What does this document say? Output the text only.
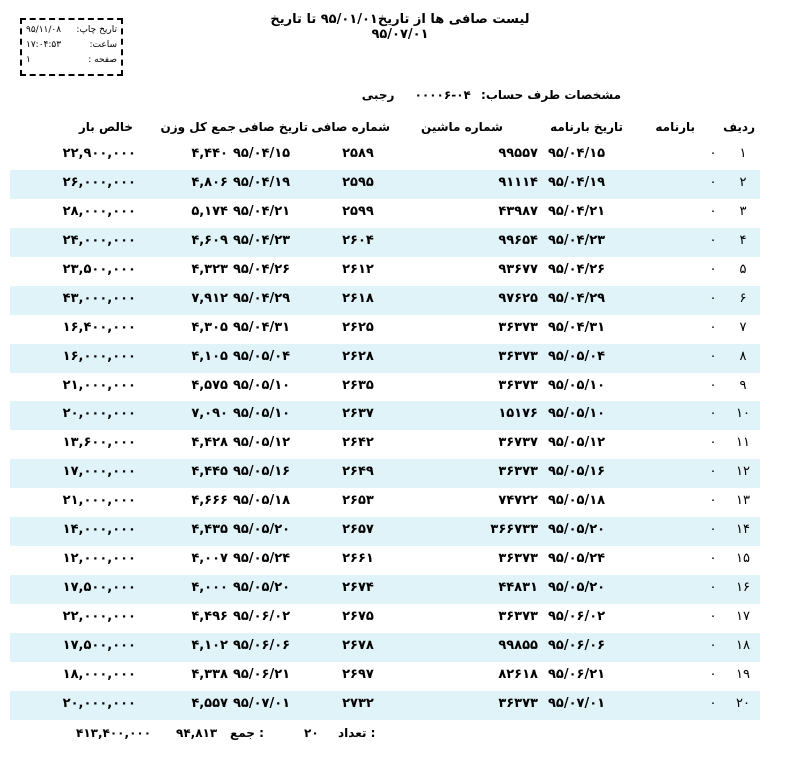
لیست صافی ها از تاریخ۹۵/۰۱/۰۱ تا تاریخ ۹۵/۰۷/۰۱
تاریخ چاپ:
۹۵/۱۱/۰۸
ساعت:
۱۷:۰۴:۵۳
صفحه :
۱
مشخصات طرف حساب: ۰۴-۰۰۰۰۶ رجبی
ردیف
بارنامه
تاریخ بارنامه
شماره ماشین
شماره صافی
تاریخ صافی
جمع کل وزن
خالص بار
۱
۰
۹۵/۰۴/۱۵
۹۹۵۵۷
۲۵۸۹
۹۵/۰۴/۱۵
۴,۴۴۰
۲۲,۹۰۰,۰۰۰
۲
۰
۹۵/۰۴/۱۹
۹۱۱۱۴
۲۵۹۵
۹۵/۰۴/۱۹
۴,۸۰۶
۲۶,۰۰۰,۰۰۰
۳
۰
۹۵/۰۴/۲۱
۴۳۹۸۷
۲۵۹۹
۹۵/۰۴/۲۱
۵,۱۷۴
۲۸,۰۰۰,۰۰۰
۴
۰
۹۵/۰۴/۲۳
۹۹۶۵۴
۲۶۰۴
۹۵/۰۴/۲۳
۴,۶۰۹
۲۴,۰۰۰,۰۰۰
۵
۰
۹۵/۰۴/۲۶
۹۳۶۷۷
۲۶۱۲
۹۵/۰۴/۲۶
۴,۳۲۳
۲۳,۵۰۰,۰۰۰
۶
۰
۹۵/۰۴/۲۹
۹۷۶۲۵
۲۶۱۸
۹۵/۰۴/۲۹
۷,۹۱۲
۴۳,۰۰۰,۰۰۰
۷
۰
۹۵/۰۴/۳۱
۳۶۳۷۳
۲۶۲۵
۹۵/۰۴/۳۱
۴,۳۰۵
۱۶,۴۰۰,۰۰۰
۸
۰
۹۵/۰۵/۰۴
۳۶۳۷۳
۲۶۲۸
۹۵/۰۵/۰۴
۴,۱۰۵
۱۶,۰۰۰,۰۰۰
۹
۰
۹۵/۰۵/۱۰
۳۶۳۷۳
۲۶۳۵
۹۵/۰۵/۱۰
۴,۵۷۵
۲۱,۰۰۰,۰۰۰
۱۰
۰
۹۵/۰۵/۱۰
۱۵۱۷۶
۲۶۳۷
۹۵/۰۵/۱۰
۷,۰۹۰
۲۰,۰۰۰,۰۰۰
۱۱
۰
۹۵/۰۵/۱۲
۳۶۷۳۷
۲۶۴۲
۹۵/۰۵/۱۲
۴,۴۲۸
۱۳,۶۰۰,۰۰۰
۱۲
۰
۹۵/۰۵/۱۶
۳۶۳۷۳
۲۶۴۹
۹۵/۰۵/۱۶
۴,۴۴۵
۱۷,۰۰۰,۰۰۰
۱۳
۰
۹۵/۰۵/۱۸
۷۴۷۲۲
۲۶۵۳
۹۵/۰۵/۱۸
۴,۶۶۶
۲۱,۰۰۰,۰۰۰
۱۴
۰
۹۵/۰۵/۲۰
۳۶۶۷۳۳
۲۶۵۷
۹۵/۰۵/۲۰
۴,۴۳۵
۱۴,۰۰۰,۰۰۰
۱۵
۰
۹۵/۰۵/۲۴
۳۶۳۷۳
۲۶۶۱
۹۵/۰۵/۲۴
۴,۰۰۷
۱۲,۰۰۰,۰۰۰
۱۶
۰
۹۵/۰۵/۲۰
۴۴۸۳۱
۲۶۷۴
۹۵/۰۵/۲۰
۴,۰۰۰
۱۷,۵۰۰,۰۰۰
۱۷
۰
۹۵/۰۶/۰۲
۳۶۳۷۳
۲۶۷۵
۹۵/۰۶/۰۲
۴,۴۹۶
۲۲,۰۰۰,۰۰۰
۱۸
۰
۹۵/۰۶/۰۶
۹۹۸۵۵
۲۶۷۸
۹۵/۰۶/۰۶
۴,۱۰۲
۱۷,۵۰۰,۰۰۰
۱۹
۰
۹۵/۰۶/۲۱
۸۲۶۱۸
۲۶۹۷
۹۵/۰۶/۲۱
۴,۳۳۸
۱۸,۰۰۰,۰۰۰
۲۰
۰
۹۵/۰۷/۰۱
۳۶۳۷۳
۲۷۳۲
۹۵/۰۷/۰۱
۴,۵۵۷
۲۰,۰۰۰,۰۰۰
تعداد :
۲۰
جمع :
۹۴,۸۱۳
۴۱۳,۴۰۰,۰۰۰
